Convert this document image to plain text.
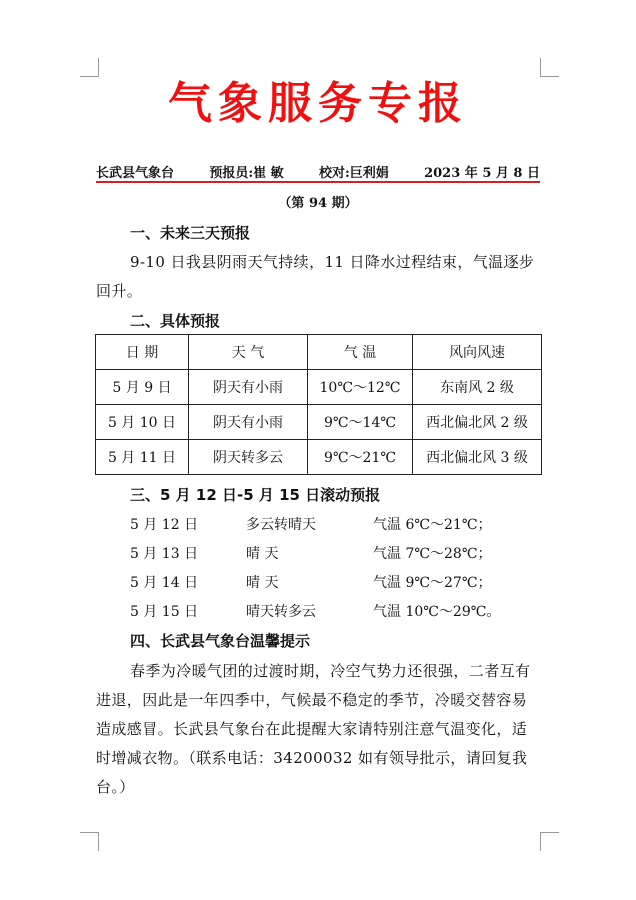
气象服务专报
长武县气象台	预报员:崔 敏	校对:巨利娟	2023 年 5 月 8 日
（第 94 期）
一、未来三天预报
9-10 日我县阴雨天气持续，11 日降水过程结束，气温逐步回升。
二、具体预报
日 期	天 气	气 温	风向风速
5 月 9 日	阴天有小雨	10℃～12℃	东南风 2 级
5 月 10 日	阴天有小雨	9℃～14℃	西北偏北风 2 级
5 月 11 日	阴天转多云	9℃～21℃	西北偏北风 3 级
三、5 月 12 日-5 月 15 日滚动预报
5 月 12 日	多云转晴天	气温 6℃～21℃；
5 月 13 日	晴 天	气温 7℃～28℃；
5 月 14 日	晴 天	气温 9℃～27℃；
5 月 15 日	晴天转多云	气温 10℃～29℃。
四、长武县气象台温馨提示
春季为冷暖气团的过渡时期，冷空气势力还很强，二者互有进退，因此是一年四季中，气候最不稳定的季节，冷暖交替容易造成感冒。长武县气象台在此提醒大家请特别注意气温变化，适时增减衣物。（联系电话：34200032 如有领导批示，请回复我台。）
